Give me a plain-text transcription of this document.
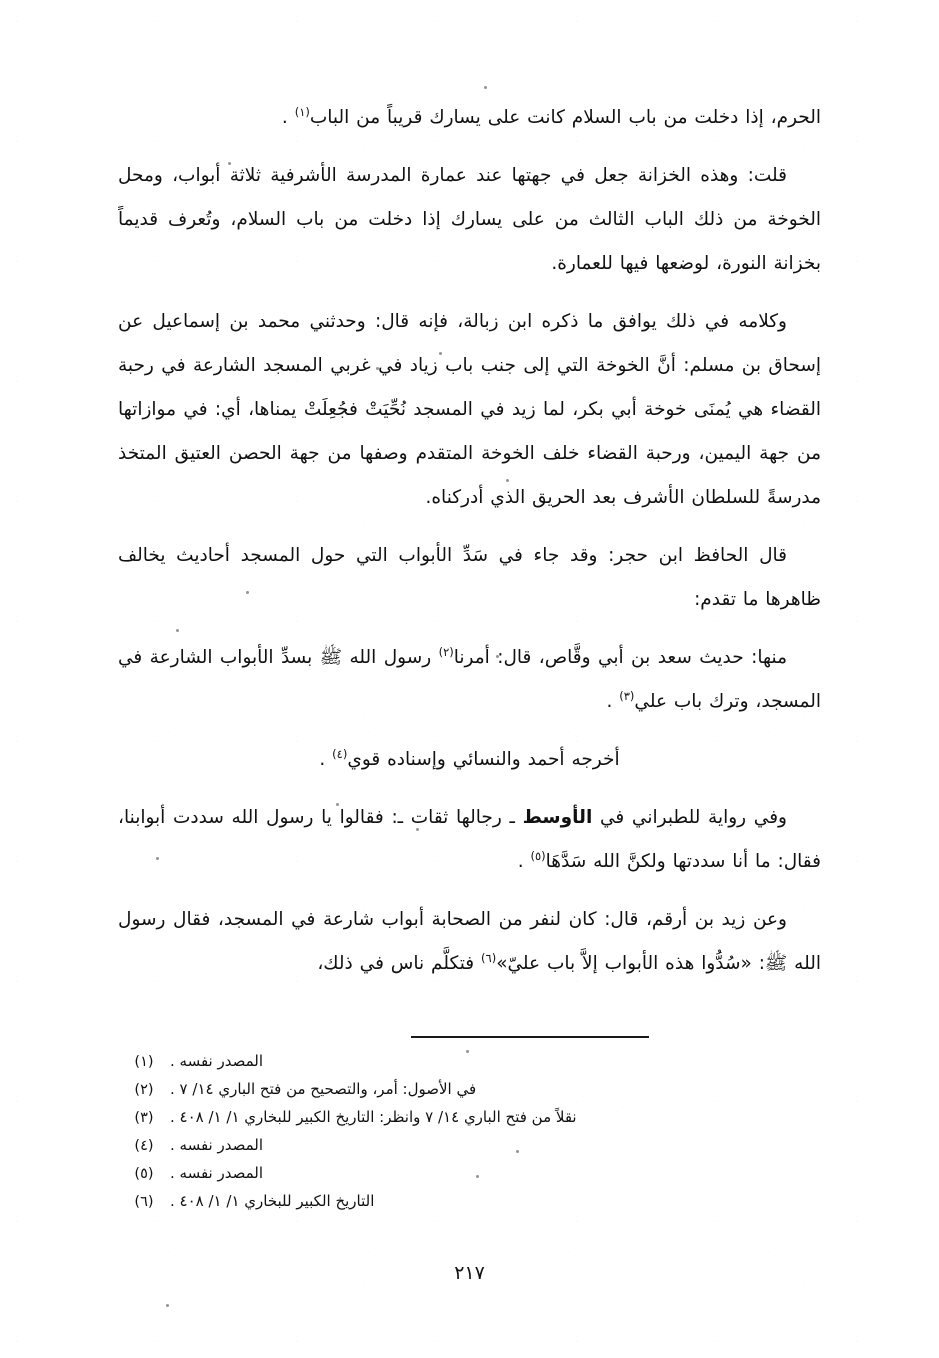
الحرم، إذا دخلت من باب السلام كانت على يسارك قريباً من الباب$^{(١)}$ .

قلت: وهذه الخزانة جعل في جهتها عند عمارة المدرسة الأشرفية ثلاثة أبواب، ومحل الخوخة من ذلك الباب الثالث من على يسارك إذا دخلت من باب السلام، وتُعرف قديماً بخزانة النورة، لوضعها فيها للعمارة.

وكلامه في ذلك يوافق ما ذكره ابن زبالة، فإنه قال: وحدثني محمد بن إسماعيل عن إسحاق بن مسلم: أنَّ الخوخة التي إلى جنب باب زياد في غربي المسجد الشارعة في رحبة القضاء هي يُمنَى خوخة أبي بكر، لما زيد في المسجد نُحِّيَتْ فجُعِلَتْ يمناها، أي: في موازاتها من جهة اليمين، ورحبة القضاء خلف الخوخة المتقدم وصفها من جهة الحصن العتيق المتخذ مدرسةً للسلطان الأشرف بعد الحريق الذي أدركناه.

قال الحافظ ابن حجر: وقد جاء في سَدِّ الأبواب التي حول المسجد أحاديث يخالف ظاهرها ما تقدم:

منها: حديث سعد بن أبي وقَّاص، قال: أمرنا$^{(٢)}$ رسول الله ﷺ بسدِّ الأبواب الشارعة في المسجد، وترك باب علي$^{(٣)}$ .

أخرجه أحمد والنسائي وإسناده قوي$^{(٤)}$ .

وفي رواية للطبراني في الأوسط ـ رجالها ثقات ـ: فقالوا يا رسول الله سددت أبوابنا، فقال: ما أنا سددتها ولكنَّ الله سَدَّهَا$^{(٥)}$ .

وعن زيد بن أرقم، قال: كان لنفر من الصحابة أبواب شارعة في المسجد، فقال رسول الله ﷺ: «سُدُّوا هذه الأبواب إلاَّ باب عليّ»$^{(٦)}$ فتكلَّم ناس في ذلك،

المصدر نفسه .
(١)
في الأصول: أمر، والتصحيح من فتح الباري ١٤/ ٧ .
(٢)
نقلاً من فتح الباري ١٤/ ٧ وانظر: التاريخ الكبير للبخاري ١/ ١/ ٤٠٨ .
(٣)
المصدر نفسه .
(٤)
المصدر نفسه .
(٥)
التاريخ الكبير للبخاري ١/ ١/ ٤٠٨ .
(٦)
٢١٧
